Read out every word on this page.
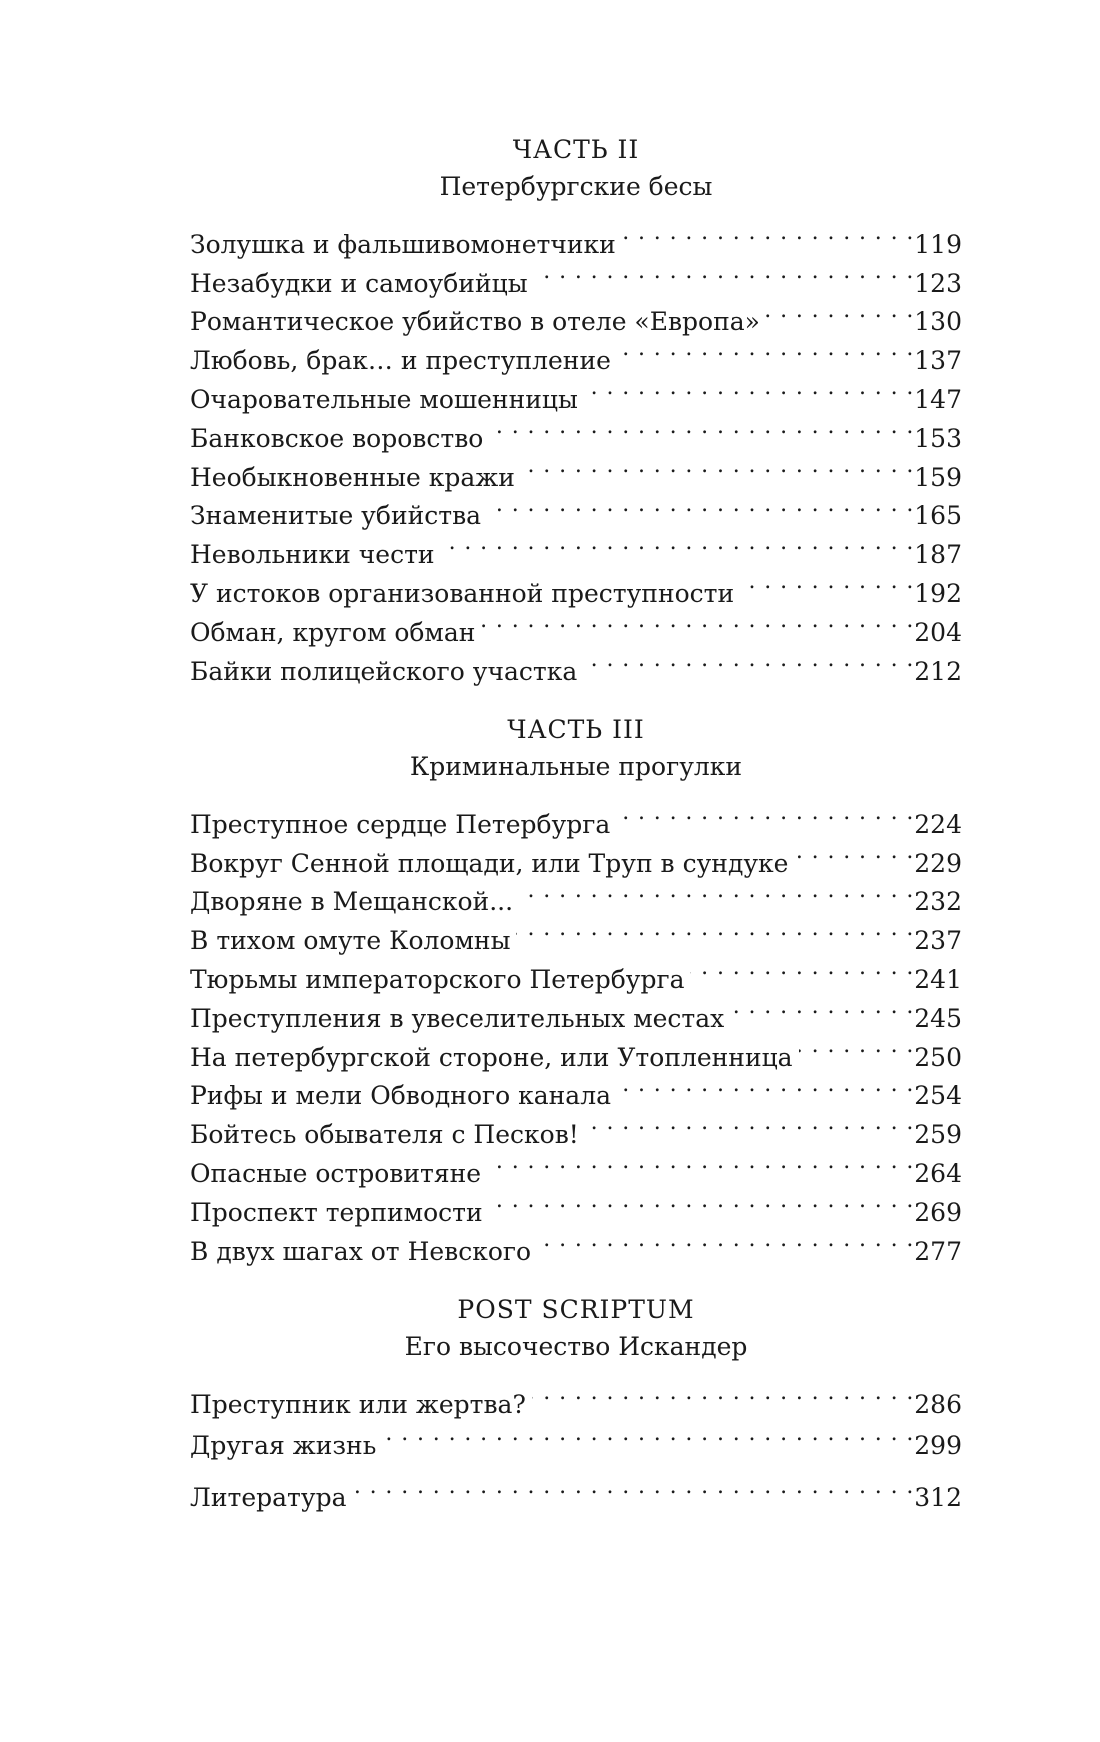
ЧАСТЬ II
Петербургские бесы
Золушка и фальшивомонетчики . . .	119
Незабудки и самоубийцы . . .	123
Романтическое убийство в отеле «Европа» . . .	130
Любовь, брак… и преступление . . .	137
Очаровательные мошенницы . . .	147
Банковское воровство . . .	153
Необыкновенные кражи . . .	159
Знаменитые убийства . . .	165
Невольники чести . . .	187
У истоков организованной преступности . . .	192
Обман, кругом обман . . .	204
Байки полицейского участка . . .	212
ЧАСТЬ III
Криминальные прогулки
Преступное сердце Петербурга . . .	224
Вокруг Сенной площади, или Труп в сундуке . . .	229
Дворяне в Мещанской... . . .	232
В тихом омуте Коломны . . .	237
Тюрьмы императорского Петербурга . . .	241
Преступления в увеселительных местах . . .	245
На петербургской стороне, или Утопленница . . .	250
Рифы и мели Обводного канала . . .	254
Бойтесь обывателя с Песков! . . .	259
Опасные островитяне . . .	264
Проспект терпимости . . .	269
В двух шагах от Невского . . .	277
POST SCRIPTUM
Его высочество Искандер
Преступник или жертва? . . .	286
Другая жизнь . . .	299
Литература . . .	312
